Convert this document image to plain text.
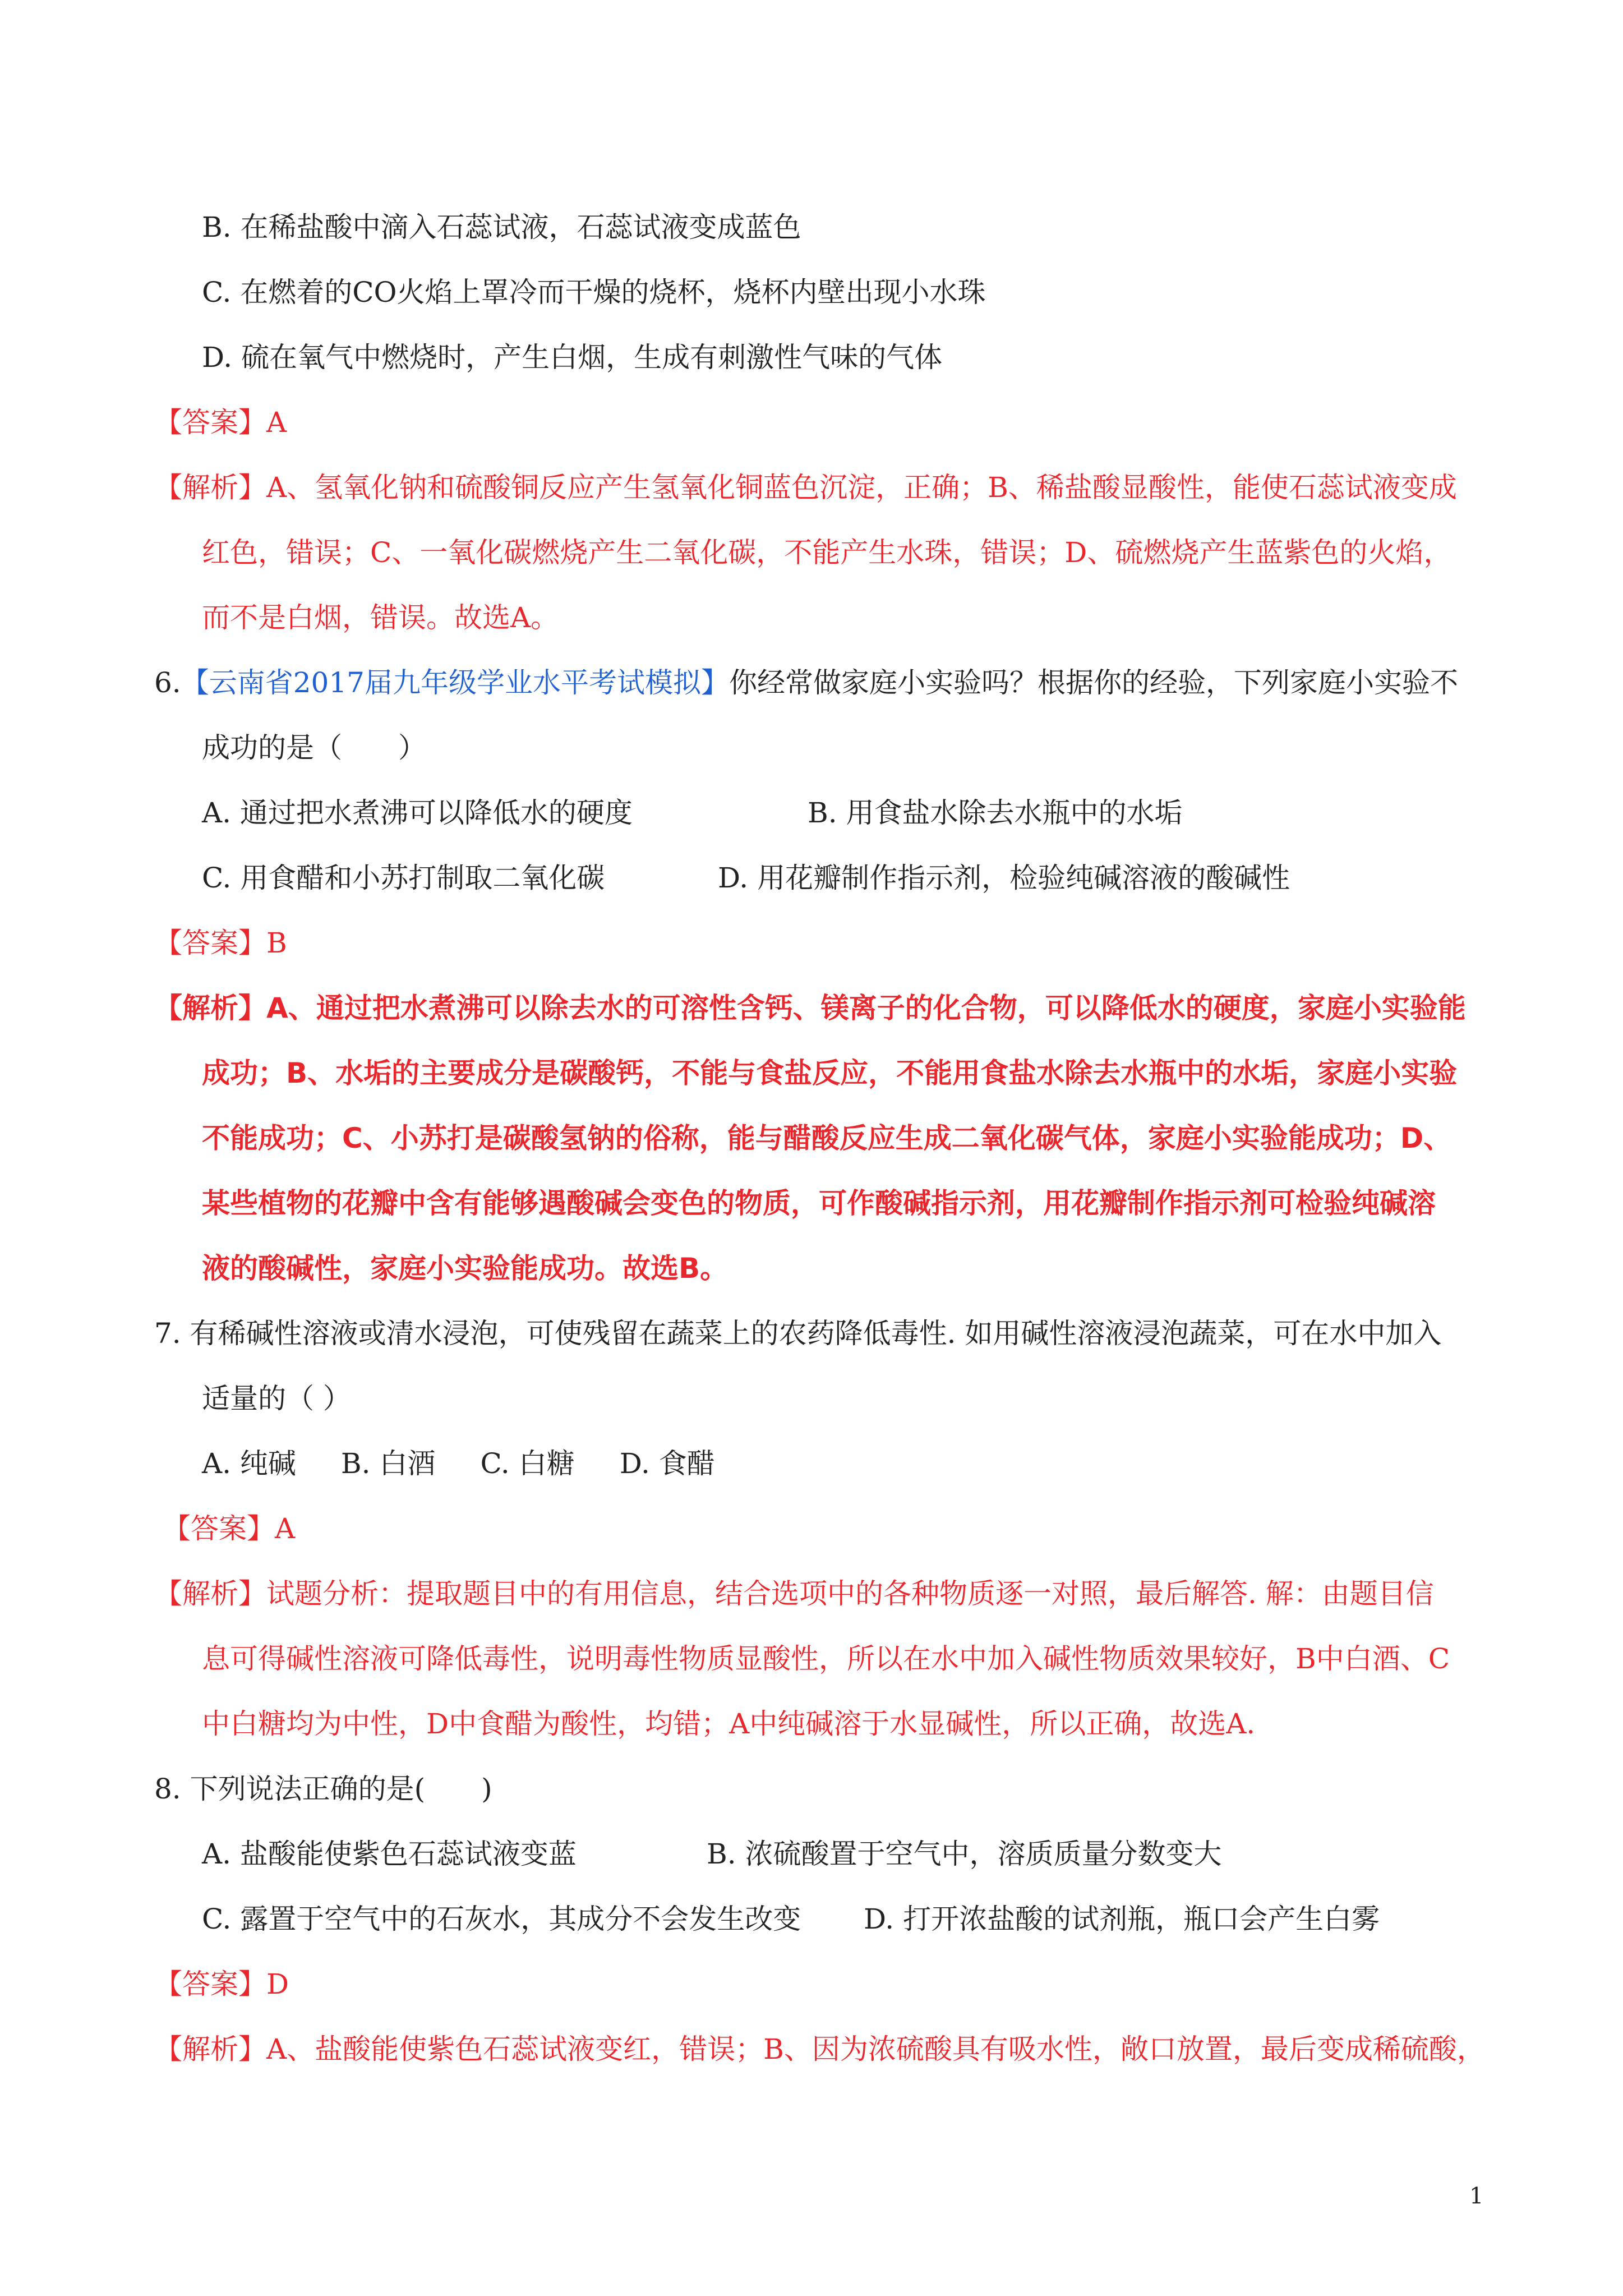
B. 在稀盐酸中滴入石蕊试液，石蕊试液变成蓝色
C. 在燃着的CO火焰上罩冷而干燥的烧杯，烧杯内壁出现小水珠
D. 硫在氧气中燃烧时，产生白烟，生成有刺激性气味的气体
【答案】A
【解析】A、氢氧化钠和硫酸铜反应产生氢氧化铜蓝色沉淀，正确；B、稀盐酸显酸性，能使石蕊试液变成
红色，错误；C、一氧化碳燃烧产生二氧化碳，不能产生水珠，错误；D、硫燃烧产生蓝紫色的火焰，
而不是白烟，错误。故选A。
6.【云南省2017届九年级学业水平考试模拟】你经常做家庭小实验吗？根据你的经验，下列家庭小实验不
成功的是（　　）
A. 通过把水煮沸可以降低水的硬度	B. 用食盐水除去水瓶中的水垢
C. 用食醋和小苏打制取二氧化碳	D. 用花瓣制作指示剂，检验纯碱溶液的酸碱性
【答案】B
【解析】A、通过把水煮沸可以除去水的可溶性含钙、镁离子的化合物，可以降低水的硬度，家庭小实验能
成功；B、水垢的主要成分是碳酸钙，不能与食盐反应，不能用食盐水除去水瓶中的水垢，家庭小实验
不能成功；C、小苏打是碳酸氢钠的俗称，能与醋酸反应生成二氧化碳气体，家庭小实验能成功；D、
某些植物的花瓣中含有能够遇酸碱会变色的物质，可作酸碱指示剂，用花瓣制作指示剂可检验纯碱溶
液的酸碱性，家庭小实验能成功。故选B。
7. 有稀碱性溶液或清水浸泡，可使残留在蔬菜上的农药降低毒性. 如用碱性溶液浸泡蔬菜，可在水中加入
适量的（ ）
A. 纯碱 B. 白酒 C. 白糖 D. 食醋
【答案】A
【解析】试题分析：提取题目中的有用信息，结合选项中的各种物质逐一对照，最后解答. 解：由题目信
息可得碱性溶液可降低毒性，说明毒性物质显酸性，所以在水中加入碱性物质效果较好，B中白酒、C
中白糖均为中性，D中食醋为酸性，均错；A中纯碱溶于水显碱性，所以正确，故选A.
8. 下列说法正确的是(　　)
A. 盐酸能使紫色石蕊试液变蓝	B. 浓硫酸置于空气中，溶质质量分数变大
C. 露置于空气中的石灰水，其成分不会发生改变 D. 打开浓盐酸的试剂瓶，瓶口会产生白雾
【答案】D
【解析】A、盐酸能使紫色石蕊试液变红，错误；B、因为浓硫酸具有吸水性，敞口放置，最后变成稀硫酸，
1
